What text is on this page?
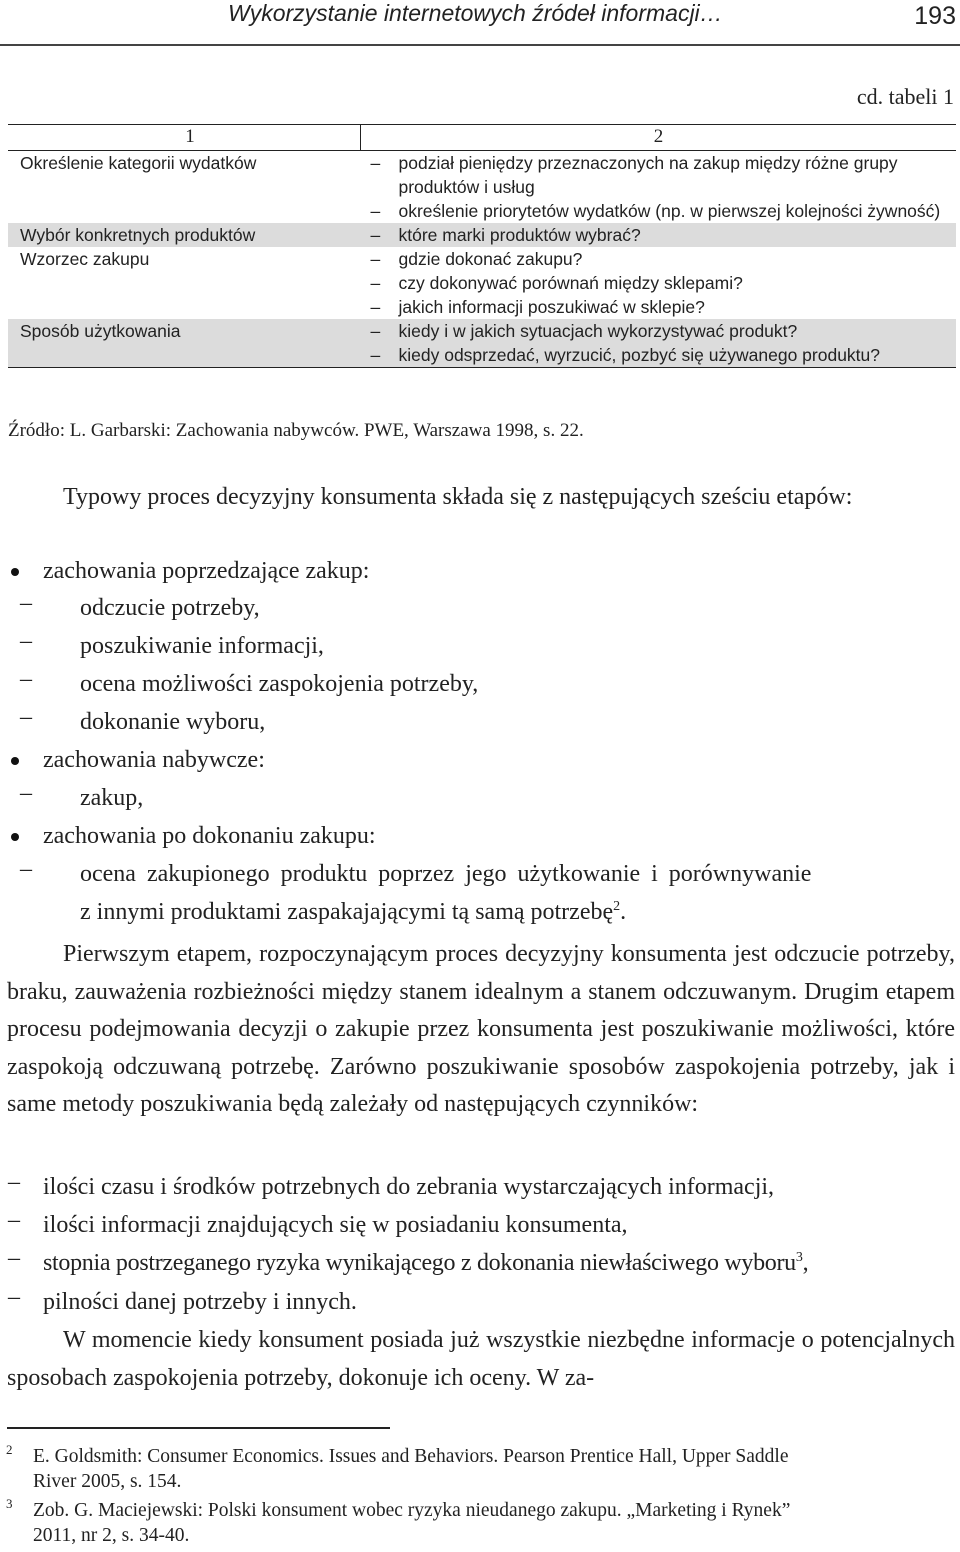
Wykorzystanie internetowych źródeł informacji…	193
cd. tabeli 1
1	2
Określenie kategorii wydatków	– podział pieniędzy przeznaczonych na zakup między różne grupy produktów i usług
– określenie priorytetów wydatków (np. w pierwszej kolejności żywność)

Wybór konkretnych produktów	– które marki produktów wybrać?

Wzorzec zakupu	– gdzie dokonać zakupu?
– czy dokonywać porównań między sklepami?
– jakich informacji poszukiwać w sklepie?

Sposób użytkowania	– kiedy i w jakich sytuacjach wykorzystywać produkt?
– kiedy odsprzedać, wyrzucić, pozbyć się używanego produktu?
Źródło: L. Garbarski: Zachowania nabywców. PWE, Warszawa 1998, s. 22.
Typowy proces decyzyjny konsumenta składa się z następujących sześciu etapów:
zachowania poprzedzające zakup:
– odczucie potrzeby,
– poszukiwanie informacji,
– ocena możliwości zaspokojenia potrzeby,
– dokonanie wyboru,
zachowania nabywcze:
– zakup,
zachowania po dokonaniu zakupu:
– ocena zakupionego produktu poprzez jego użytkowanie i porównywanie
z innymi produktami zaspakajającymi tą samą potrzebę$^2$.
Pierwszym etapem, rozpoczynającym proces decyzyjny konsumenta jest odczucie potrzeby, braku, zauważenia rozbieżności między stanem idealnym a stanem odczuwanym. Drugim etapem procesu podejmowania decyzji o zakupie przez konsumenta jest poszukiwanie możliwości, które zaspokoją odczuwaną potrzebę. Zarówno poszukiwanie sposobów zaspokojenia potrzeby, jak i same metody poszukiwania będą zależały od następujących czynników:
– ilości czasu i środków potrzebnych do zebrania wystarczających informacji,
– ilości informacji znajdujących się w posiadaniu konsumenta,
– stopnia postrzeganego ryzyka wynikającego z dokonania niewłaściwego wyboru$^3$,
– pilności danej potrzeby i innych.
W momencie kiedy konsument posiada już wszystkie niezbędne informacje o potencjalnych sposobach zaspokojenia potrzeby, dokonuje ich oceny. W za-
2 E. Goldsmith: Consumer Economics. Issues and Behaviors. Pearson Prentice Hall, Upper Saddle
River 2005, s. 154.
3 Zob. G. Maciejewski: Polski konsument wobec ryzyka nieudanego zakupu. „Marketing i Rynek”
2011, nr 2, s. 34-40.
